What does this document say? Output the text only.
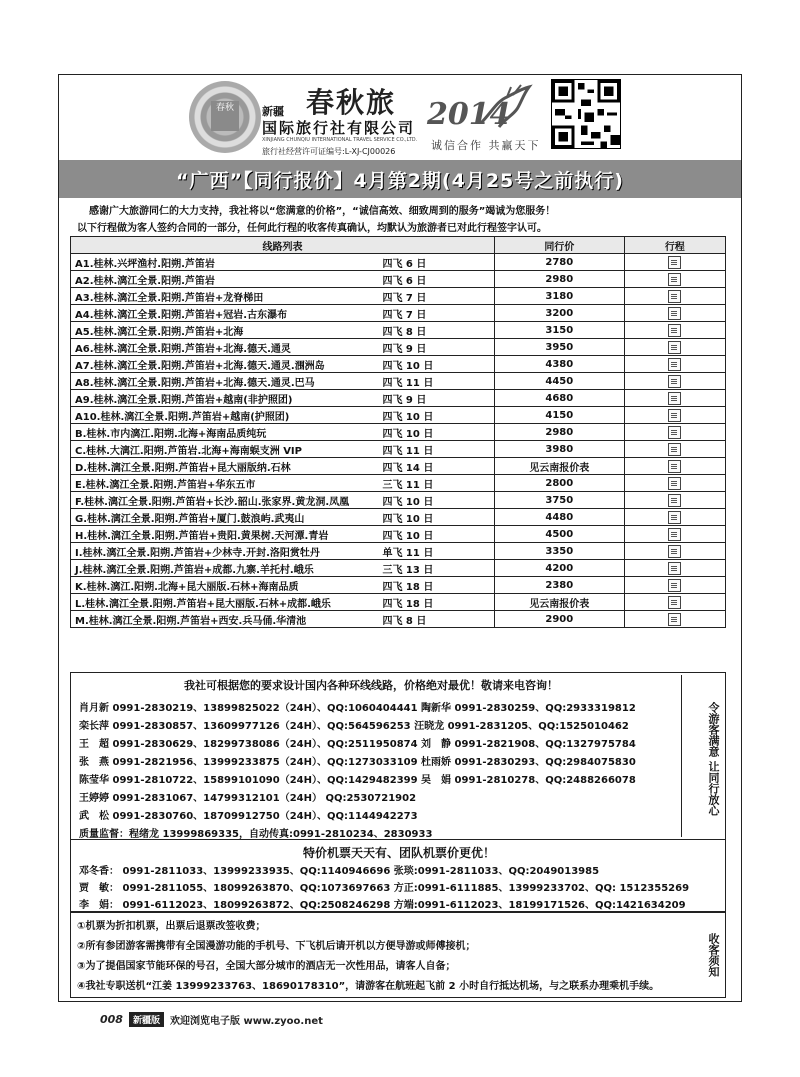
春秋	新疆 春秋旅
国际旅行社有限公司
XINJIANG CHUNQIU INTERNATIONAL TRAVEL SERVICE CO.,LTD.
旅行社经营许可证编号:L-XJ-CJ00026
2014
诚信合作 共赢天下
“广西”【同行报价】4月第2期(4月25号之前执行)
感谢广大旅游同仁的大力支持，我社将以“您满意的价格”，“诚信高效、细致周到的服务”竭诚为您服务！
以下行程做为客人签约合同的一部分，任何此行程的收客传真确认，均默认为旅游者已对此行程签字认可。
线路列表		同行价	行程
A1.桂林.兴坪渔村.阳朔.芦笛岩	四飞 6 日	2780	
A2.桂林.漓江全景.阳朔.芦笛岩	四飞 6 日	2980	
A3.桂林.漓江全景.阳朔.芦笛岩+龙脊梯田	四飞 7 日	3180	
A4.桂林.漓江全景.阳朔.芦笛岩+冠岩.古东瀑布	四飞 7 日	3200	
A5.桂林.漓江全景.阳朔.芦笛岩+北海	四飞 8 日	3150	
A6.桂林.漓江全景.阳朔.芦笛岩+北海.德天.通灵	四飞 9 日	3950	
A7.桂林.漓江全景.阳朔.芦笛岩+北海.德天.通灵.涠洲岛	四飞 10 日	4380	
A8.桂林.漓江全景.阳朔.芦笛岩+北海.德天.通灵.巴马	四飞 11 日	4450	
A9.桂林.漓江全景.阳朔.芦笛岩+越南(非护照团)	四飞 9 日	4680	
A10.桂林.漓江全景.阳朔.芦笛岩+越南(护照团)	四飞 10 日	4150	
B.桂林.市内漓江.阳朔.北海+海南品质纯玩	四飞 10 日	2980	
C.桂林.大漓江.阳朔.芦笛岩.北海+海南蜈支洲 VIP	四飞 11 日	3980	
D.桂林.漓江全景.阳朔.芦笛岩+昆大丽版纳.石林	四飞 14 日	见云南报价表	
E.桂林.漓江全景.阳朔.芦笛岩+华东五市	三飞 11 日	2800	
F.桂林.漓江全景.阳朔.芦笛岩+长沙.韶山.张家界.黄龙洞.凤凰	四飞 10 日	3750	
G.桂林.漓江全景.阳朔.芦笛岩+厦门.鼓浪屿.武夷山	四飞 10 日	4480	
H.桂林.漓江全景.阳朔.芦笛岩+贵阳.黄果树.天河潭.青岩	四飞 10 日	4500	
I.桂林.漓江全景.阳朔.芦笛岩+少林寺.开封.洛阳赏牡丹	单飞 11 日	3350	
J.桂林.漓江全景.阳朔.芦笛岩+成都.九寨.羊托村.峨乐	三飞 13 日	4200	
K.桂林.漓江.阳朔.北海+昆大丽版.石林+海南品质	四飞 18 日	2380	
L.桂林.漓江全景.阳朔.芦笛岩+昆大丽版.石林+成都.峨乐	四飞 18 日	见云南报价表	
M.桂林.漓江全景.阳朔.芦笛岩+西安.兵马俑.华清池	四飞 8 日	2900	
我社可根据您的要求设计国内各种环线线路，价格绝对最优！敬请来电咨询！
肖月新 0991-2830219、13899825022（24H）、QQ:1060404441 陶新华 0991-2830259、QQ:2933319812
栾长萍 0991-2830857、13609977126（24H）、QQ:564596253 汪晓龙 0991-2831205、QQ:1525010462
王　超 0991-2830629、18299738086（24H）、QQ:2511950874 刘　静 0991-2821908、QQ:1327975784
张　燕 0991-2821956、13999233875（24H）、QQ:1273033109 杜雨娇 0991-2830293、QQ:2984075830
陈莹华 0991-2810722、15899101090（24H）、QQ:1429482399 吴　娟 0991-2810278、QQ:2488266078
王婷婷 0991-2831067、14799312101（24H） QQ:2530721902
武　松 0991-2830760、18709912750（24H）、QQ:1144942273
质量监督：程绪龙 13999869335，自动传真:0991-2810234、2830933
令游客满意 让同行放心
特价机票天天有、团队机票价更优！
邓冬香： 0991-2811033、13999233935、QQ:1140946696 张琰:0991-2811033、QQ:2049013985
贾　敏： 0991-2811055、18099263870、QQ:1073697663 方正:0991-6111885、13999233702、QQ: 1512355269
李　娟： 0991-6112023、18099263872、QQ:2508246298 方端:0991-6112023、18199171526、QQ:1421634209
①机票为折扣机票，出票后退票改签收费；
②所有参团游客需携带有全国漫游功能的手机号、下飞机后请开机以方便导游或师傅接机；
③为了提倡国家节能环保的号召，全国大部分城市的酒店无一次性用品，请客人自备；
④我社专职送机“江姜 13999233763、18690178310”，请游客在航班起飞前 2 小时自行抵达机场，与之联系办理乘机手续。
收客须知
008	新疆版	欢迎浏览电子版 www.zyoo.net
